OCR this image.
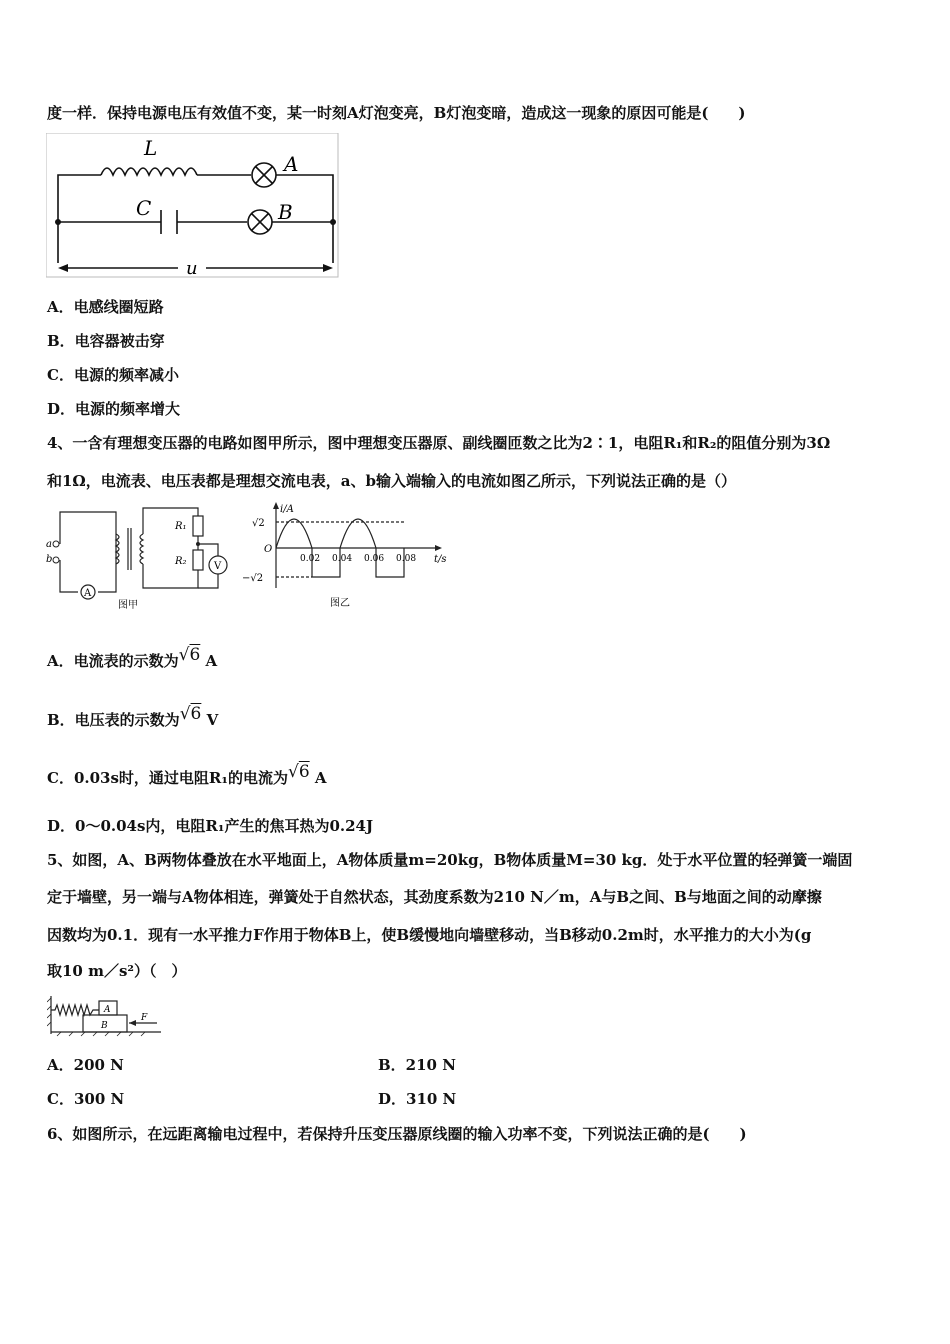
度一样．保持电源电压有效值不变，某一时刻A灯泡变亮，B灯泡变暗，造成这一现象的原因可能是(　　)
L
A
C	B
u
A．电感线圈短路
B．电容器被击穿
C．电源的频率减小
D．电源的频率增大
4、一含有理想变压器的电路如图甲所示，图中理想变压器原、副线圈匝数之比为2∶1，电阻R₁和R₂的阻值分别为3Ω
和1Ω，电流表、电压表都是理想交流电表，a、b输入端输入的电流如图乙所示，下列说法正确的是（）
a
b
A
V
R₁
R₂
图甲
i/A
t/s
O
√2
−√2
0.02 0.04 0.06 0.08
图乙
A．电流表的示数为√6 A
B．电压表的示数为√6 V
C．0.03s时，通过电阻R₁的电流为√6 A
D．0～0.04s内，电阻R₁产生的焦耳热为0.24J
5、如图，A、B两物体叠放在水平地面上，A物体质量m=20kg，B物体质量M=30 kg．处于水平位置的轻弹簧一端固
定于墙壁，另一端与A物体相连，弹簧处于自然状态，其劲度系数为210 N／m，A与B之间、B与地面之间的动摩擦
因数均为0.1．现有一水平推力F作用于物体B上，使B缓慢地向墙壁移动，当B移动0.2m时，水平推力的大小为(g
取10 m／s²）（　）
A
B
F
A．200 N	B．210 N
C．300 N	D．310 N
6、如图所示，在远距离输电过程中，若保持升压变压器原线圈的输入功率不变，下列说法正确的是(　　)
